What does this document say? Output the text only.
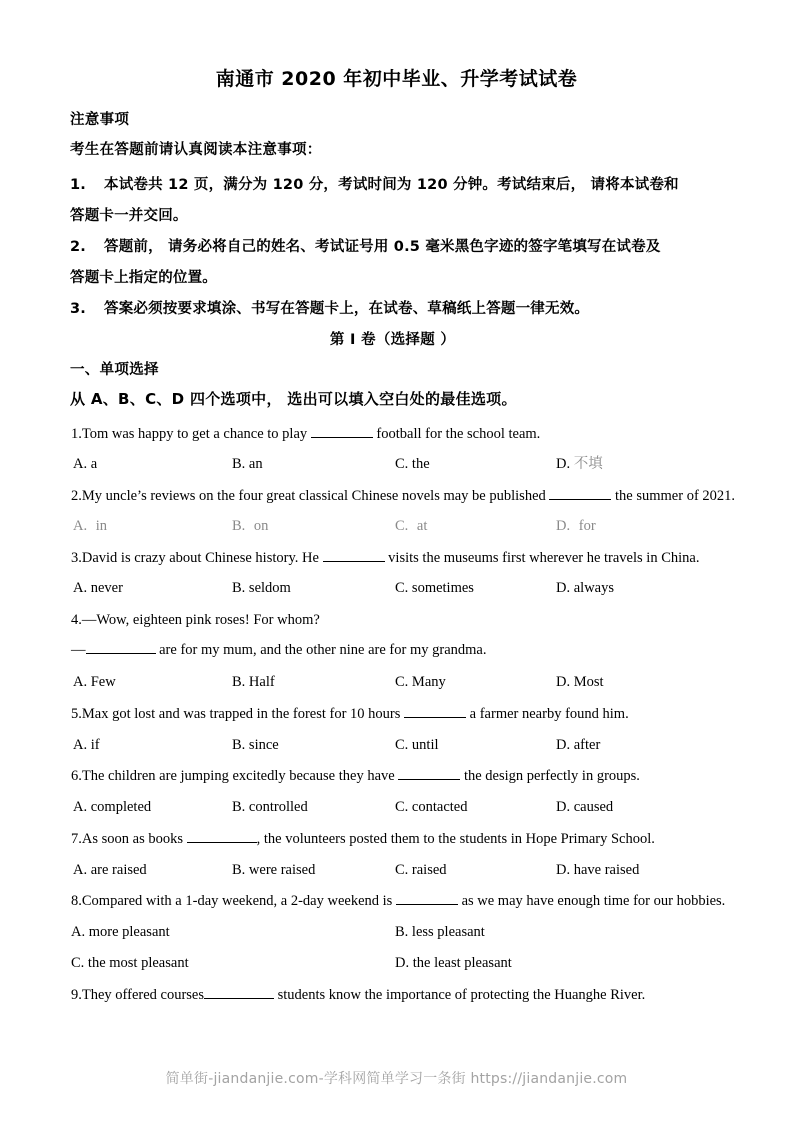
南通市 2020 年初中毕业、升学考试试卷
注意事项
考生在答题前请认真阅读本注意事项：
1. 本试卷共 12 页，满分为 120 分，考试时间为 120 分钟。考试结束后， 请将本试卷和
答题卡一并交回。
2. 答题前， 请务必将自己的姓名、考试证号用 0.5 毫米黑色字迹的签字笔填写在试卷及
答题卡上指定的位置。
3. 答案必须按要求填涂、书写在答题卡上，在试卷、草稿纸上答题一律无效。
第 I 卷（选择题 ）
一、单项选择
从 A、B、C、D 四个选项中， 选出可以填入空白处的最佳选项。
1.Tom was happy to get a chance to play	football for the school team.
A. a	B. an	C. the	D. 不填
2.My uncle’s reviews on the four great classical Chinese novels may be published	the summer of 2021.
A. in	B. on	C. at	D. for
3.David is crazy about Chinese history. He	visits the museums first wherever he travels in China.
A. never	B. seldom	C. sometimes	D. always
4.—Wow, eighteen pink roses! For whom?
—	are for my mum, and the other nine are for my grandma.
A. Few	B. Half	C. Many	D. Most
5.Max got lost and was trapped in the forest for 10 hours	a farmer nearby found him.
A. if	B. since	C. until	D. after
6.The children are jumping excitedly because they have	the design perfectly in groups.
A. completed	B. controlled	C. contacted	D. caused
7.As soon as books	, the volunteers posted them to the students in Hope Primary School.
A. are raised	B. were raised	C. raised	D. have raised
8.Compared with a 1-day weekend, a 2-day weekend is	as we may have enough time for our hobbies.
A. more pleasant	B. less pleasant
C. the most pleasant	D. the least pleasant
9.They offered courses	students know the importance of protecting the Huanghe River.
简单街-jiandanjie.com-学科网简单学习一条街 https://jiandanjie.com
